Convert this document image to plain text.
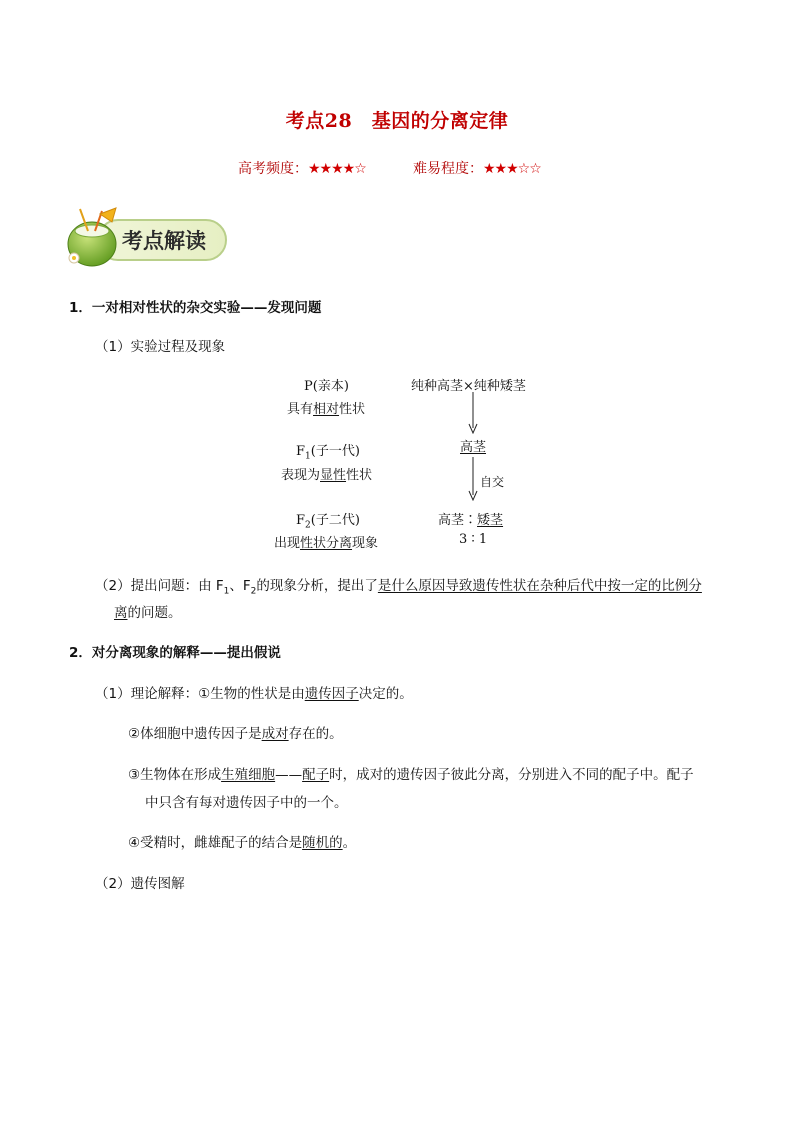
考点28　基因的分离定律
高考频度：★★★★☆	难易程度：★★★☆☆
考点解读
1．一对相对性状的杂交实验——发现问题
（1）实验过程及现象
P(亲本)
具有相对性状
纯种高茎×纯种矮茎
$F_1$(子一代)
表现为显性性状
高茎
自交
$F_2$(子二代)
出现性状分离现象
高茎∶矮茎
3 ∶ 1
（2）提出问题：由 $F_1$、$F_2$的现象分析，提出了是什么原因导致遗传性状在杂种后代中按一定的比例分
离的问题。
2．对分离现象的解释——提出假说
（1）理论解释：①生物的性状是由遗传因子决定的。
②体细胞中遗传因子是成对存在的。
③生物体在形成生殖细胞——配子时，成对的遗传因子彼此分离，分别进入不同的配子中。配子
中只含有每对遗传因子中的一个。
④受精时，雌雄配子的结合是随机的。
（2）遗传图解
